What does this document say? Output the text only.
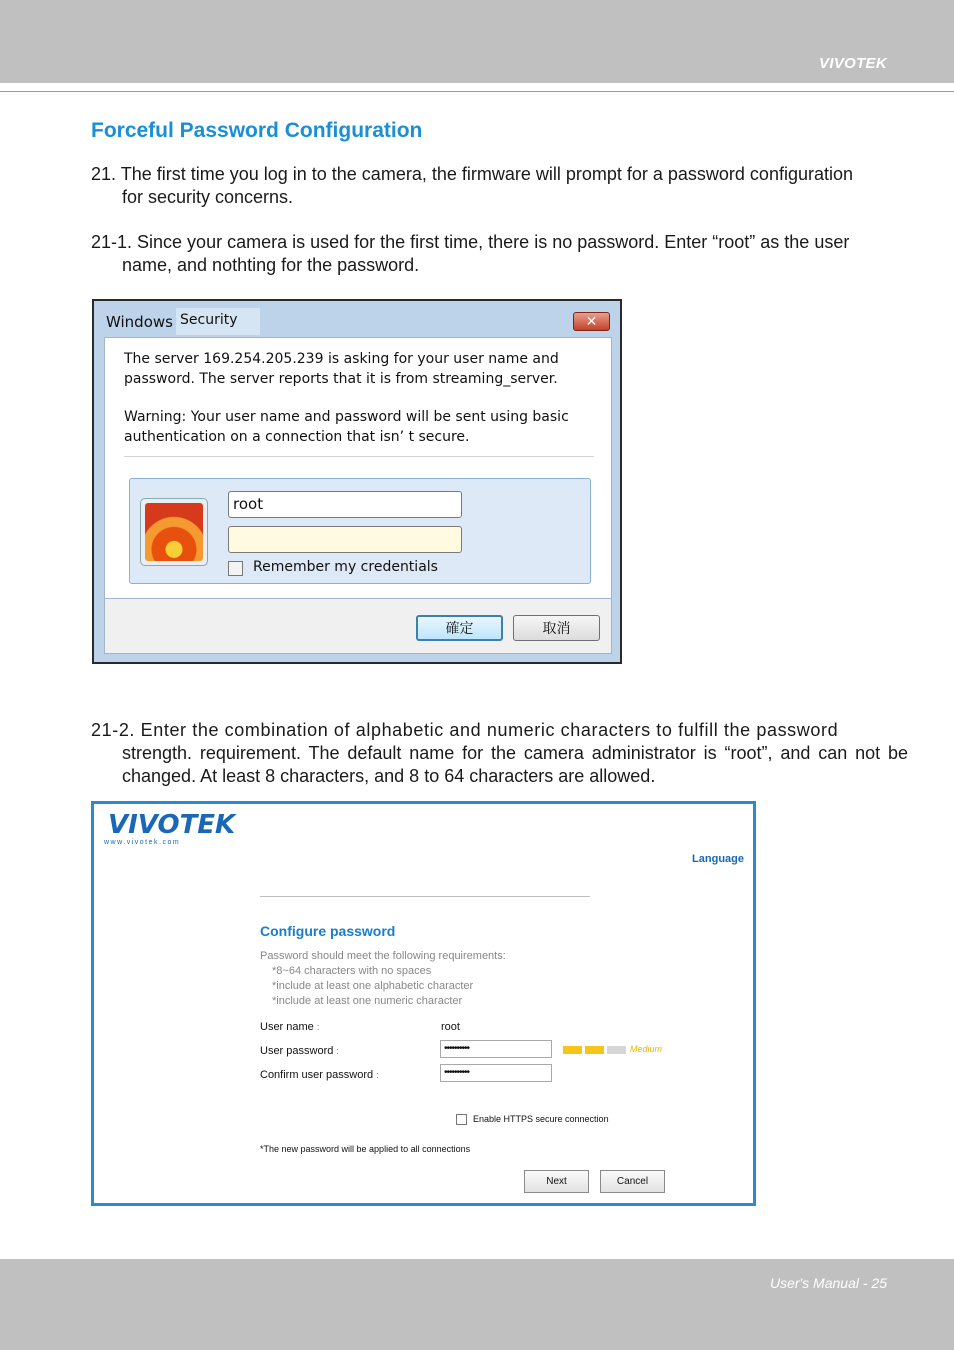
VIVOTEK
Forceful Password Configuration

21. The first time you log in to the camera, the firmware will prompt for a password configuration
for security concerns.

21-1. Since your camera is used for the first time, there is no password. Enter “root” as the user
name, and nothting for the password.

Windows Security	✕
The server 169.254.205.239 is asking for your user name and
password. The server reports that it is from streaming_server.
Warning: Your user name and password will be sent using basic
authentication on a connection that isn’ t secure.
root
Remember my credentials
確定	取消

21-2. Enter the combination of alphabetic and numeric characters to fulfill the password
strength. requirement. The default name for the camera administrator is “root”, and can not be changed. At least 8 characters, and 8 to 64 characters are allowed.

VIVOTEK
www.vivotek.com
Language
Configure password
Password should meet the following requirements:
*8~64 characters with no spaces
*include at least one alphabetic character
*include at least one numeric character
User name :	root
User password :	••••••••••	Medium
Confirm user password :	••••••••••
Enable HTTPS secure connection
*The new password will be applied to all connections
Next	Cancel
User's Manual - 25
